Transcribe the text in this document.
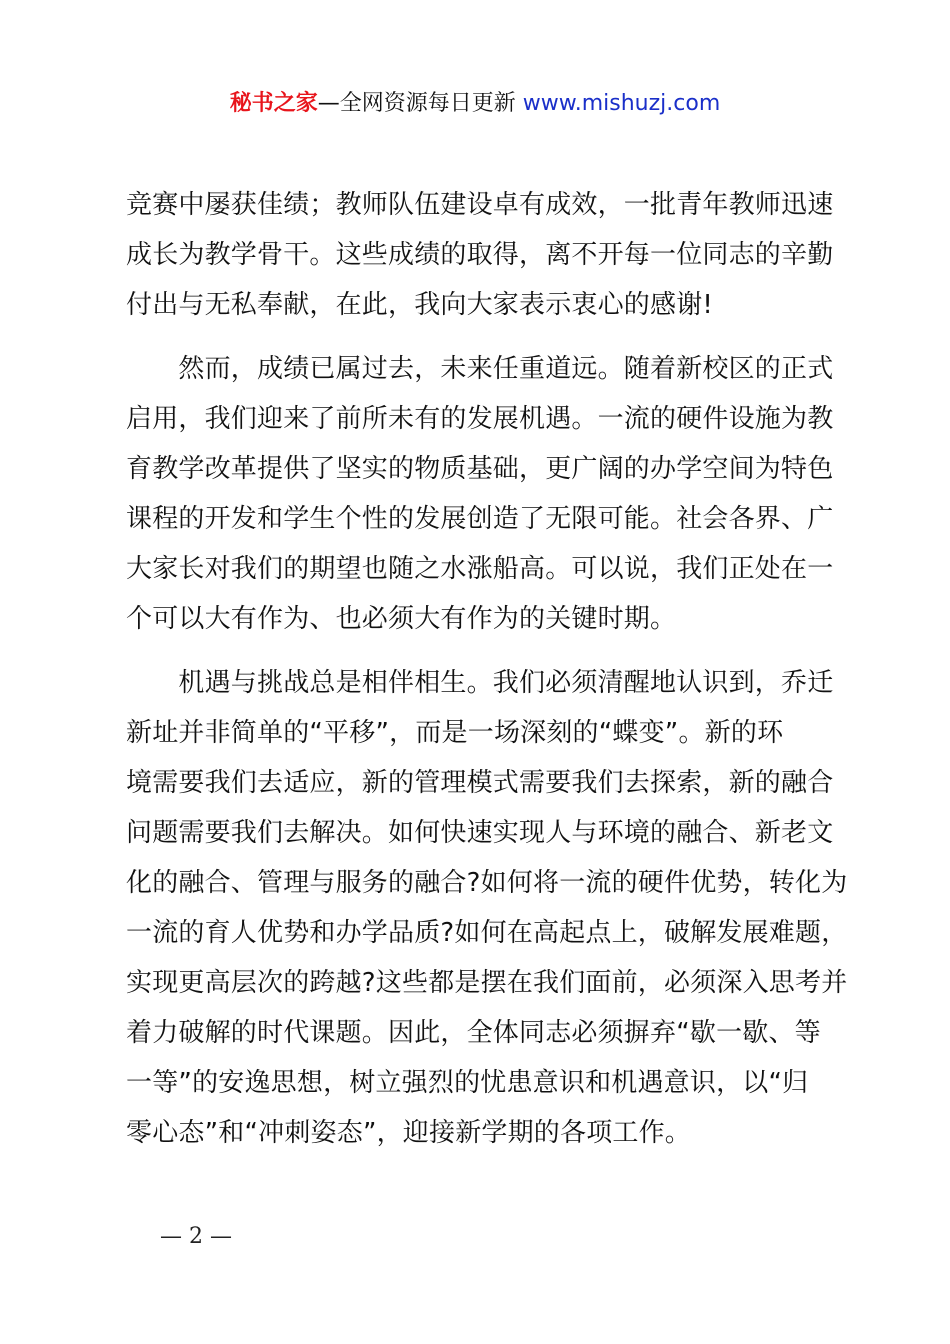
秘书之家—全网资源每日更新 www.mishuzj.com
竞赛中屡获佳绩；教师队伍建设卓有成效，一批青年教师迅速
成长为教学骨干。这些成绩的取得，离不开每一位同志的辛勤
付出与无私奉献，在此，我向大家表示衷心的感谢!
　　然而，成绩已属过去，未来任重道远。随着新校区的正式
启用，我们迎来了前所未有的发展机遇。一流的硬件设施为教
育教学改革提供了坚实的物质基础，更广阔的办学空间为特色
课程的开发和学生个性的发展创造了无限可能。社会各界、广
大家长对我们的期望也随之水涨船高。可以说，我们正处在一
个可以大有作为、也必须大有作为的关键时期。
　　机遇与挑战总是相伴相生。我们必须清醒地认识到，乔迁
新址并非简单的“平移”，而是一场深刻的“蝶变”。新的环
境需要我们去适应，新的管理模式需要我们去探索，新的融合
问题需要我们去解决。如何快速实现人与环境的融合、新老文
化的融合、管理与服务的融合?如何将一流的硬件优势，转化为
一流的育人优势和办学品质?如何在高起点上，破解发展难题，
实现更高层次的跨越?这些都是摆在我们面前，必须深入思考并
着力破解的时代课题。因此，全体同志必须摒弃“歇一歇、等
一等”的安逸思想，树立强烈的忧患意识和机遇意识，以“归
零心态”和“冲刺姿态”，迎接新学期的各项工作。
— 2 —
